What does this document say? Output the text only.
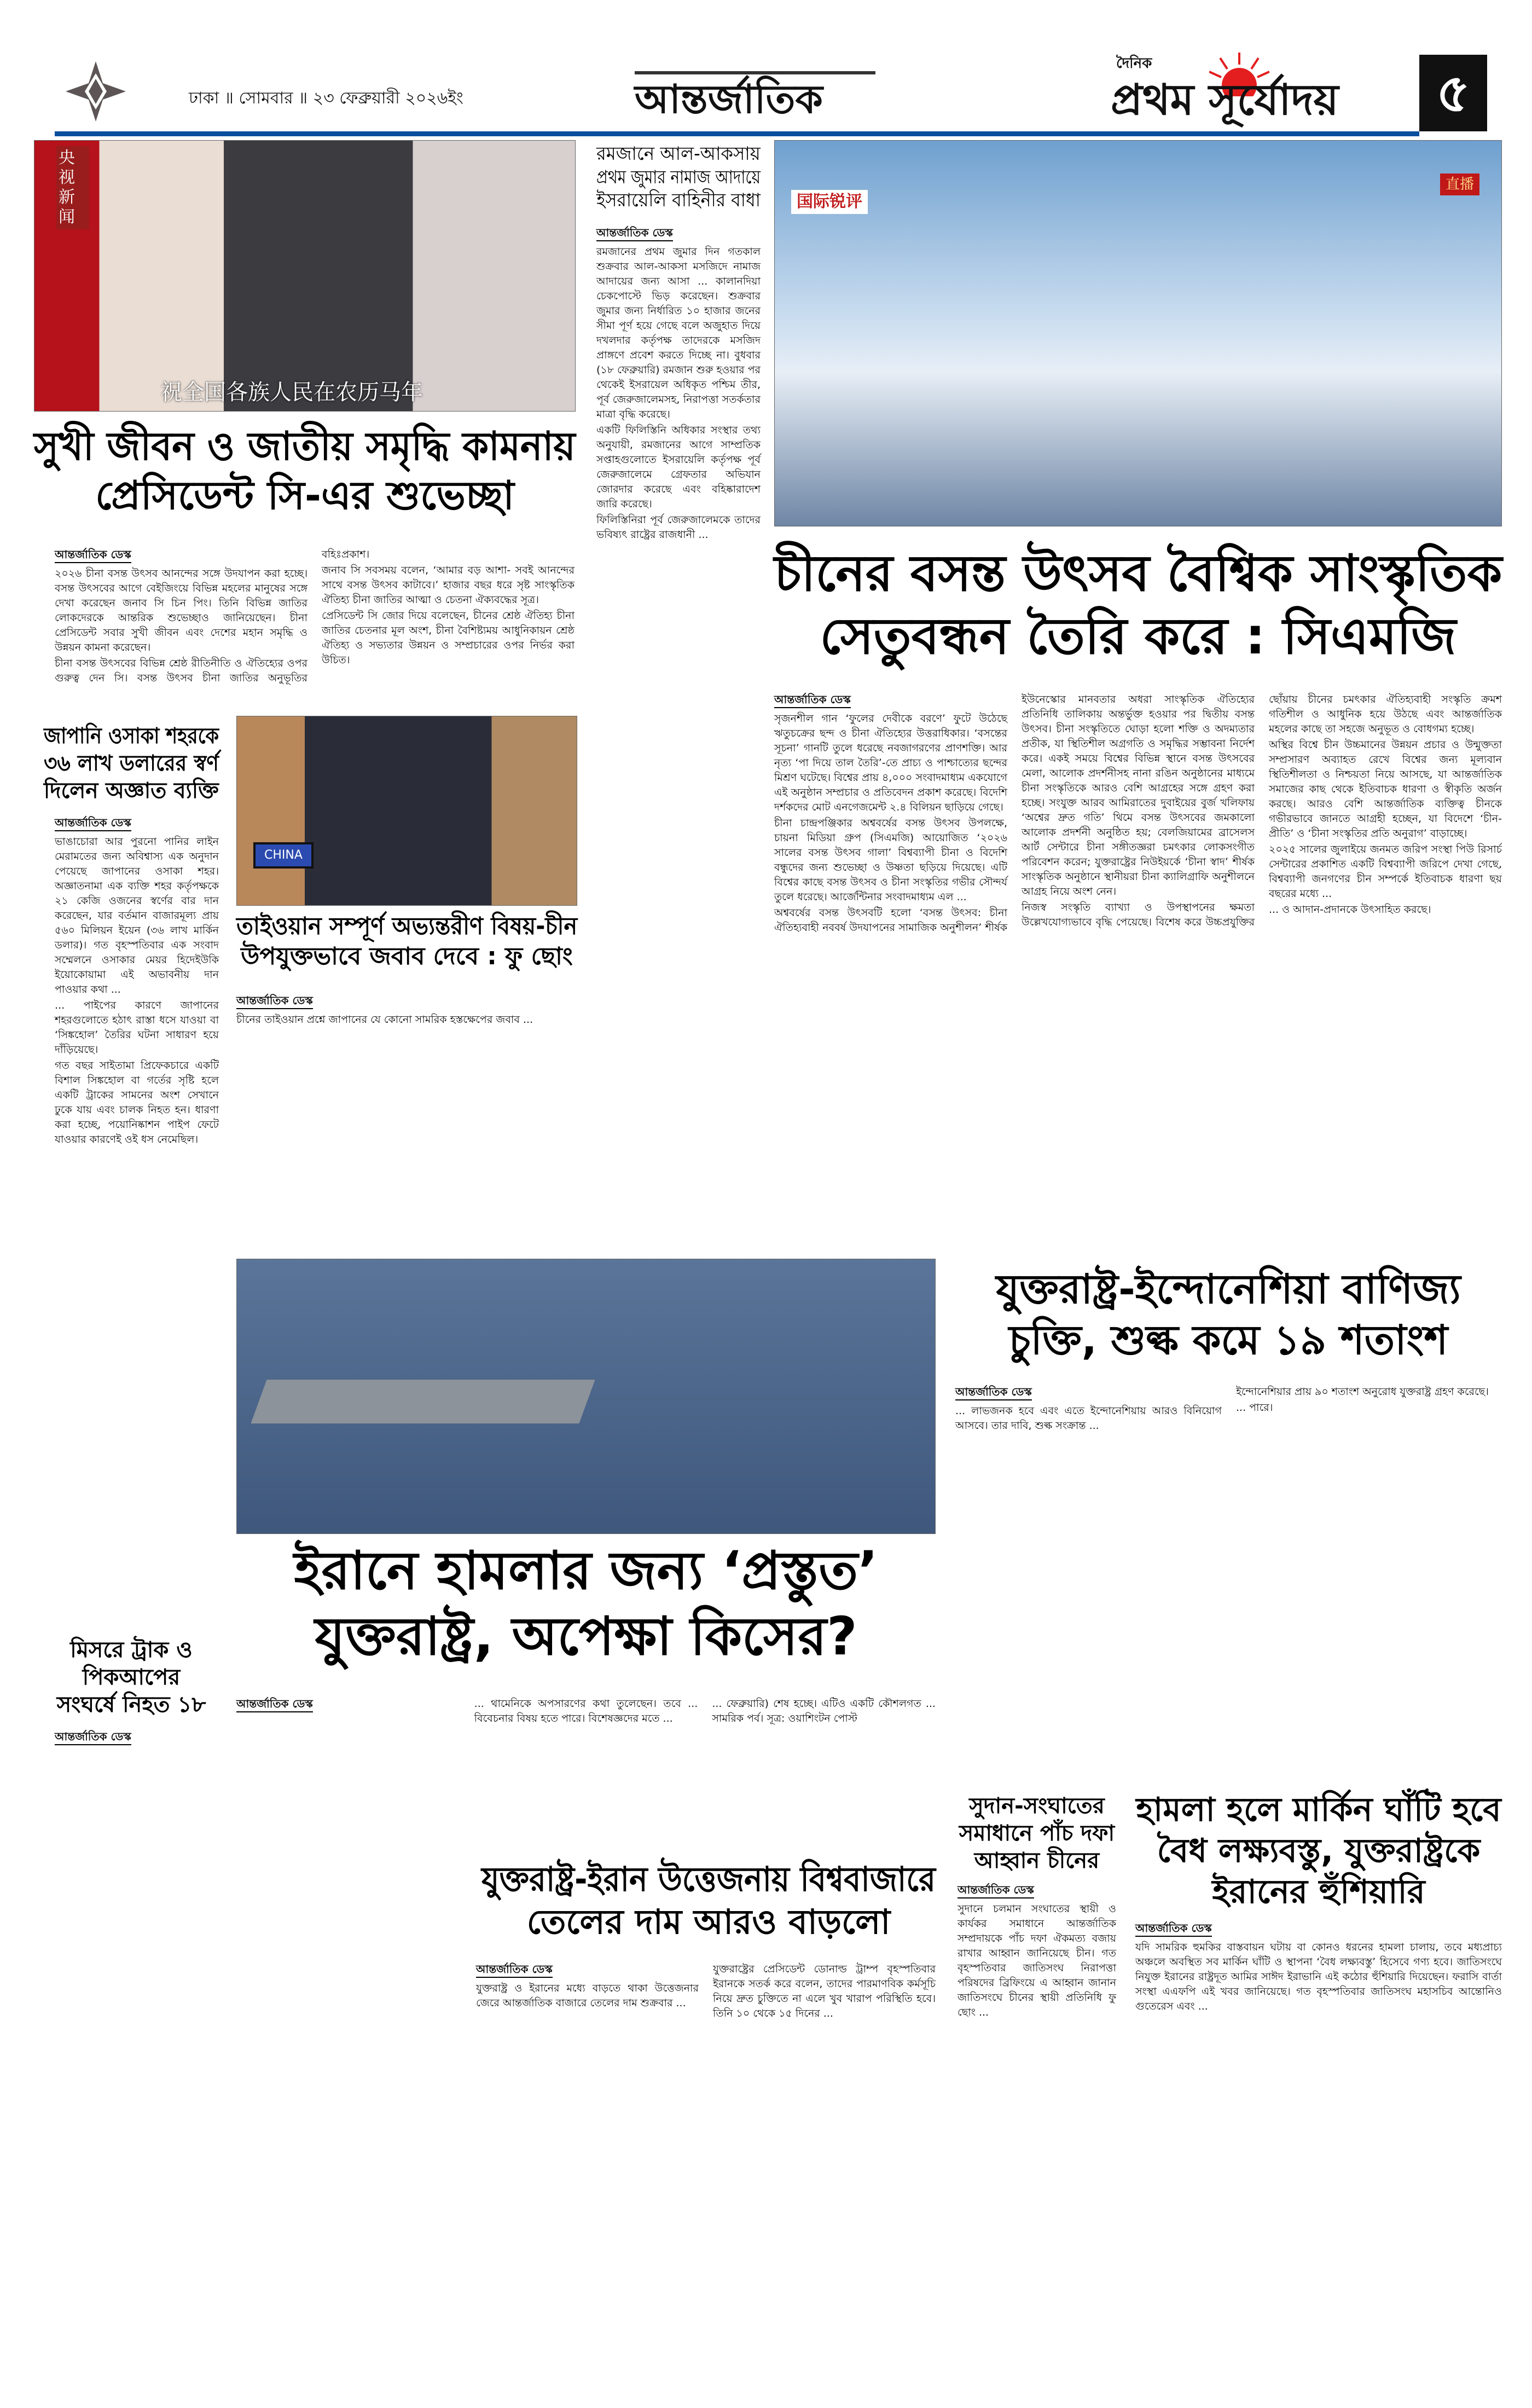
ঢাকা ॥ সোমবার ॥ ২৩ ফেব্রুয়ারী ২০২৬ইং	আন্তর্জাতিক
দৈনিক
প্রথম সূর্যোদয়	৫
央视 新闻
祝全国各族人民在农历马年
সুখী জীবন ও জাতীয় সমৃদ্ধি কামনায়
প্রেসিডেন্ট সি-এর শুভেচ্ছা
আন্তর্জাতিক ডেস্ক

২০২৬ চীনা বসন্ত উৎসব আনন্দের সঙ্গে উদযাপন করা হচ্ছে। বসন্ত উৎসবের আগে বেইজিংয়ে বিভিন্ন মহলের মানুষের সঙ্গে দেখা করেছেন জনাব সি চিন পিং। তিনি বিভিন্ন জাতির লোকদেরকে আন্তরিক শুভেচ্ছাও জানিয়েছেন। চীনা প্রেসিডেন্ট সবার সুখী জীবন এবং দেশের মহান সমৃদ্ধি ও উন্নয়ন কামনা করেছেন।

চীনা বসন্ত উৎসবের বিভিন্ন শ্রেষ্ঠ রীতিনীতি ও ঐতিহ্যের ওপর গুরুত্ব দেন সি। বসন্ত উৎসব চীনা জাতির অনুভূতির বহিঃপ্রকাশ।

জনাব সি সবসময় বলেন, ‘আমার বড় আশা- সবই আনন্দের সাথে বসন্ত উৎসব কাটাবে।’ হাজার বছর ধরে সৃষ্ট সাংস্কৃতিক ঐতিহ্য চীনা জাতির আত্মা ও চেতনা ঐক্যবদ্ধের সূত্র।

প্রেসিডেন্ট সি জোর দিয়ে বলেছেন, চীনের শ্রেষ্ঠ ঐতিহ্য চীনা জাতির চেতনার মূল অংশ, চীনা বৈশিষ্ট্যময় আধুনিকায়ন শ্রেষ্ঠ ঐতিহ্য ও সভ্যতার উন্নয়ন ও সম্প্রচারের ওপর নির্ভর করা উচিত।

রমজানে আল-আকসায়
প্রথম জুমার নামাজ আদায়ে
ইসরায়েলি বাহিনীর বাধা
আন্তর্জাতিক ডেস্ক

রমজানের প্রথম জুমার দিন গতকাল শুক্রবার আল-আকসা মসজিদে নামাজ আদায়ের জন্য আসা ... কালানদিয়া চেকপোস্টে ভিড় করেছেন। শুক্রবার জুমার জন্য নির্ধারিত ১০ হাজার জনের সীমা পূর্ণ হয়ে গেছে বলে অজুহাত দিয়ে দখলদার কর্তৃপক্ষ তাদেরকে মসজিদ প্রাঙ্গণে প্রবেশ করতে দিচ্ছে না। বুধবার (১৮ ফেব্রুয়ারি) রমজান শুরু হওয়ার পর থেকেই ইসরায়েল অধিকৃত পশ্চিম তীর, পূর্ব জেরুজালেমসহ, নিরাপত্তা সতর্কতার মাত্রা বৃদ্ধি করেছে।

একটি ফিলিস্তিনি অধিকার সংস্থার তথ্য অনুযায়ী, রমজানের আগে সাম্প্রতিক সপ্তাহগুলোতে ইসরায়েলি কর্তৃপক্ষ পূর্ব জেরুজালেমে গ্রেফতার অভিযান জোরদার করেছে এবং বহিষ্কারাদেশ জারি করেছে।

ফিলিস্তিনিরা পূর্ব জেরুজালেমকে তাদের ভবিষ্যৎ রাষ্ট্রের রাজধানী ...

国际锐评
直播
চীনের বসন্ত উৎসব বৈশ্বিক সাংস্কৃতিক
সেতুবন্ধন তৈরি করে : সিএমজি
আন্তর্জাতিক ডেস্ক

সৃজনশীল গান ‘ফুলের দেবীকে বরণে’ ফুটে উঠেছে ঋতুচক্রের ছন্দ ও চীনা ঐতিহ্যের উত্তরাধিকার। ‘বসন্তের সূচনা’ গানটি তুলে ধরেছে নবজাগরণের প্রাণশক্তি। আর নৃত্য ‘পা দিয়ে তাল তৈরি’-তে প্রাচ্য ও পাশ্চাত্যের ছন্দের মিশ্রণ ঘটেছে। বিশ্বের প্রায় ৪,০০০ সংবাদমাধ্যম একযোগে এই অনুষ্ঠান সম্প্রচার ও প্রতিবেদন প্রকাশ করেছে। বিদেশি দর্শকদের মোট এনগেজমেন্ট ২.৪ বিলিয়ন ছাড়িয়ে গেছে।

চীনা চান্দ্রপঞ্জিকার অশ্ববর্ষের বসন্ত উৎসব উপলক্ষে, চায়না মিডিয়া গ্রুপ (সিএমজি) আয়োজিত ‘২০২৬ সালের বসন্ত উৎসব গালা’ বিশ্বব্যাপী চীনা ও বিদেশি বন্ধুদের জন্য শুভেচ্ছা ও উষ্ণতা ছড়িয়ে দিয়েছে। এটি বিশ্বের কাছে বসন্ত উৎসব ও চীনা সংস্কৃতির গভীর সৌন্দর্য তুলে ধরেছে। আর্জেন্টিনার সংবাদমাধ্যম এল ...

অশ্ববর্ষের বসন্ত উৎসবটি হলো ‘বসন্ত উৎসব: চীনা ঐতিহ্যবাহী নববর্ষ উদযাপনের সামাজিক অনুশীলন’ শীর্ষক ইউনেস্কোর মানবতার অধরা সাংস্কৃতিক ঐতিহ্যের প্রতিনিধি তালিকায় অন্তর্ভুক্ত হওয়ার পর দ্বিতীয় বসন্ত উৎসব। চীনা সংস্কৃতিতে ঘোড়া হলো শক্তি ও অদম্যতার প্রতীক, যা স্থিতিশীল অগ্রগতি ও সমৃদ্ধির সম্ভাবনা নির্দেশ করে। একই সময়ে বিশ্বের বিভিন্ন স্থানে বসন্ত উৎসবের মেলা, আলোক প্রদর্শনীসহ নানা রঙিন অনুষ্ঠানের মাধ্যমে চীনা সংস্কৃতিকে আরও বেশি আগ্রহের সঙ্গে গ্রহণ করা হচ্ছে। সংযুক্ত আরব আমিরাতের দুবাইয়ের বুর্জ খলিফায় ‘অশ্বের দ্রুত গতি’ থিমে বসন্ত উৎসবের জমকালো আলোক প্রদর্শনী অনুষ্ঠিত হয়; বেলজিয়ামের ব্রাসেলস আর্ট সেন্টারে চীনা সঙ্গীতজ্ঞরা চমৎকার লোকসংগীত পরিবেশন করেন; যুক্তরাষ্ট্রের নিউইয়র্কে ‘চীনা স্বাদ’ শীর্ষক সাংস্কৃতিক অনুষ্ঠানে স্থানীয়রা চীনা ক্যালিগ্রাফি অনুশীলনে আগ্রহ নিয়ে অংশ নেন।

নিজস্ব সংস্কৃতি ব্যাখ্যা ও উপস্থাপনের ক্ষমতা উল্লেখযোগ্যভাবে বৃদ্ধি পেয়েছে। বিশেষ করে উচ্চপ্রযুক্তির ছোঁয়ায় চীনের চমৎকার ঐতিহ্যবাহী সংস্কৃতি ক্রমশ গতিশীল ও আধুনিক হয়ে উঠছে এবং আন্তর্জাতিক মহলের কাছে তা সহজে অনুভূত ও বোধগম্য হচ্ছে।

অস্থির বিশ্বে চীন উচ্চমানের উন্নয়ন প্রচার ও উন্মুক্ততা সম্প্রসারণ অব্যাহত রেখে বিশ্বের জন্য মূল্যবান স্থিতিশীলতা ও নিশ্চয়তা নিয়ে আসছে, যা আন্তর্জাতিক সমাজের কাছ থেকে ইতিবাচক ধারণা ও স্বীকৃতি অর্জন করছে। আরও বেশি আন্তর্জাতিক ব্যক্তিত্ব চীনকে গভীরভাবে জানতে আগ্রহী হচ্ছেন, যা বিদেশে ‘চীন-প্রীতি’ ও ‘চীনা সংস্কৃতির প্রতি অনুরাগ’ বাড়াচ্ছে।

২০২৫ সালের জুলাইয়ে জনমত জরিপ সংস্থা পিউ রিসার্চ সেন্টারের প্রকাশিত একটি বিশ্বব্যাপী জরিপে দেখা গেছে, বিশ্বব্যাপী জনগণের চীন সম্পর্কে ইতিবাচক ধারণা ছয় বছরের মধ্যে ...

... ও আদান-প্রদানকে উৎসাহিত করছে।

জাপানি ওসাকা শহরকে
৩৬ লাখ ডলারের স্বর্ণ
দিলেন অজ্ঞাত ব্যক্তি
আন্তর্জাতিক ডেস্ক

ভাঙাচোরা আর পুরনো পানির লাইন মেরামতের জন্য অবিশ্বাস্য এক অনুদান পেয়েছে জাপানের ওসাকা শহর। অজ্ঞাতনামা এক ব্যক্তি শহর কর্তৃপক্ষকে ২১ কেজি ওজনের স্বর্ণের বার দান করেছেন, যার বর্তমান বাজারমূল্য প্রায় ৫৬০ মিলিয়ন ইয়েন (৩৬ লাখ মার্কিন ডলার)। গত বৃহস্পতিবার এক সংবাদ সম্মেলনে ওসাকার মেয়র হিদেইউকি ইয়োকোয়ামা এই অভাবনীয় দান পাওয়ার কথা ...

... পাইপের কারণে জাপানের শহরগুলোতে হঠাৎ রাস্তা ধসে যাওয়া বা ‘সিঙ্কহোল’ তৈরির ঘটনা সাধারণ হয়ে দাঁড়িয়েছে।

গত বছর সাইতামা প্রিফেকচারে একটি বিশাল সিঙ্কহোল বা গর্তের সৃষ্টি হলে একটি ট্রাকের সামনের অংশ সেখানে ঢুকে যায় এবং চালক নিহত হন। ধারণা করা হচ্ছে, পয়োনিষ্কাশন পাইপ ফেটে যাওয়ার কারণেই ওই ধস নেমেছিল।

মিসরে ট্রাক ও
পিকআপের
সংঘর্ষে নিহত ১৮
আন্তর্জাতিক ডেস্ক
CHINA
তাইওয়ান সম্পূর্ণ অভ্যন্তরীণ বিষয়-চীন
উপযুক্তভাবে জবাব দেবে : ফু ছোং
আন্তর্জাতিক ডেস্ক

চীনের তাইওয়ান প্রশ্নে জাপানের যে কোনো সামরিক হস্তক্ষেপের জবাব ...

ইরানে হামলার জন্য ‘প্রস্তুত’
যুক্তরাষ্ট্র, অপেক্ষা কিসের?
আন্তর্জাতিক ডেস্ক	... থামেনিকে অপসারণের কথা তুলেছেন। তবে ... বিবেচনার বিষয় হতে পারে। বিশেষজ্ঞদের মতে ...

... ফেব্রুয়ারি) শেষ হচ্ছে। এটিও একটি কৌশলগত ... সামরিক পর্ব। সূত্র: ওয়াশিংটন পোস্ট

যুক্তরাষ্ট্র-ইরান উত্তেজনায় বিশ্ববাজারে
তেলের দাম আরও বাড়লো
আন্তর্জাতিক ডেস্ক

যুক্তরাষ্ট্র ও ইরানের মধ্যে বাড়তে থাকা উত্তেজনার জেরে আন্তর্জাতিক বাজারে তেলের দাম শুক্রবার ...

যুক্তরাষ্ট্রের প্রেসিডেন্ট ডোনাল্ড ট্রাম্প বৃহস্পতিবার ইরানকে সতর্ক করে বলেন, তাদের পারমাণবিক কর্মসূচি নিয়ে দ্রুত চুক্তিতে না এলে খুব খারাপ পরিস্থিতি হবে। তিনি ১০ থেকে ১৫ দিনের ...

যুক্তরাষ্ট্র-ইন্দোনেশিয়া বাণিজ্য
চুক্তি, শুল্ক কমে ১৯ শতাংশ
আন্তর্জাতিক ডেস্ক

... লাভজনক হবে এবং এতে ইন্দোনেশিয়ায় আরও বিনিয়োগ আসবে। তার দাবি, শুল্ক সংক্রান্ত ...

ইন্দোনেশিয়ার প্রায় ৯০ শতাংশ অনুরোধ যুক্তরাষ্ট্র গ্রহণ করেছে।

... পারে।

সুদান-সংঘাতের
সমাধানে পাঁচ দফা
আহ্বান চীনের
আন্তর্জাতিক ডেস্ক

সুদানে চলমান সংঘাতের স্থায়ী ও কার্যকর সমাধানে আন্তর্জাতিক সম্প্রদায়কে পাঁচ দফা ঐকমত্য বজায় রাখার আহ্বান জানিয়েছে চীন। গত বৃহস্পতিবার জাতিসংঘ নিরাপত্তা পরিষদের ব্রিফিংয়ে এ আহ্বান জানান জাতিসংঘে চীনের স্থায়ী প্রতিনিধি ফু ছোং ...

হামলা হলে মার্কিন ঘাঁটি হবে
বৈধ লক্ষ্যবস্তু, যুক্তরাষ্ট্রকে
ইরানের হুঁশিয়ারি
আন্তর্জাতিক ডেস্ক

যদি সামরিক হুমকির বাস্তবায়ন ঘটায় বা কোনও ধরনের হামলা চালায়, তবে মধ্যপ্রাচ্য অঞ্চলে অবস্থিত সব মার্কিন ঘাঁটি ও স্থাপনা ‘বৈধ লক্ষ্যবস্তু’ হিসেবে গণ্য হবে। জাতিসংঘে নিযুক্ত ইরানের রাষ্ট্রদূত আমির সাঈদ ইরাভানি এই কঠোর হুঁশিয়ারি দিয়েছেন। ফরাসি বার্তা সংস্থা এএফপি এই খবর জানিয়েছে। গত বৃহস্পতিবার জাতিসংঘ মহাসচিব আন্তোনিও গুতেরেস এবং ...
